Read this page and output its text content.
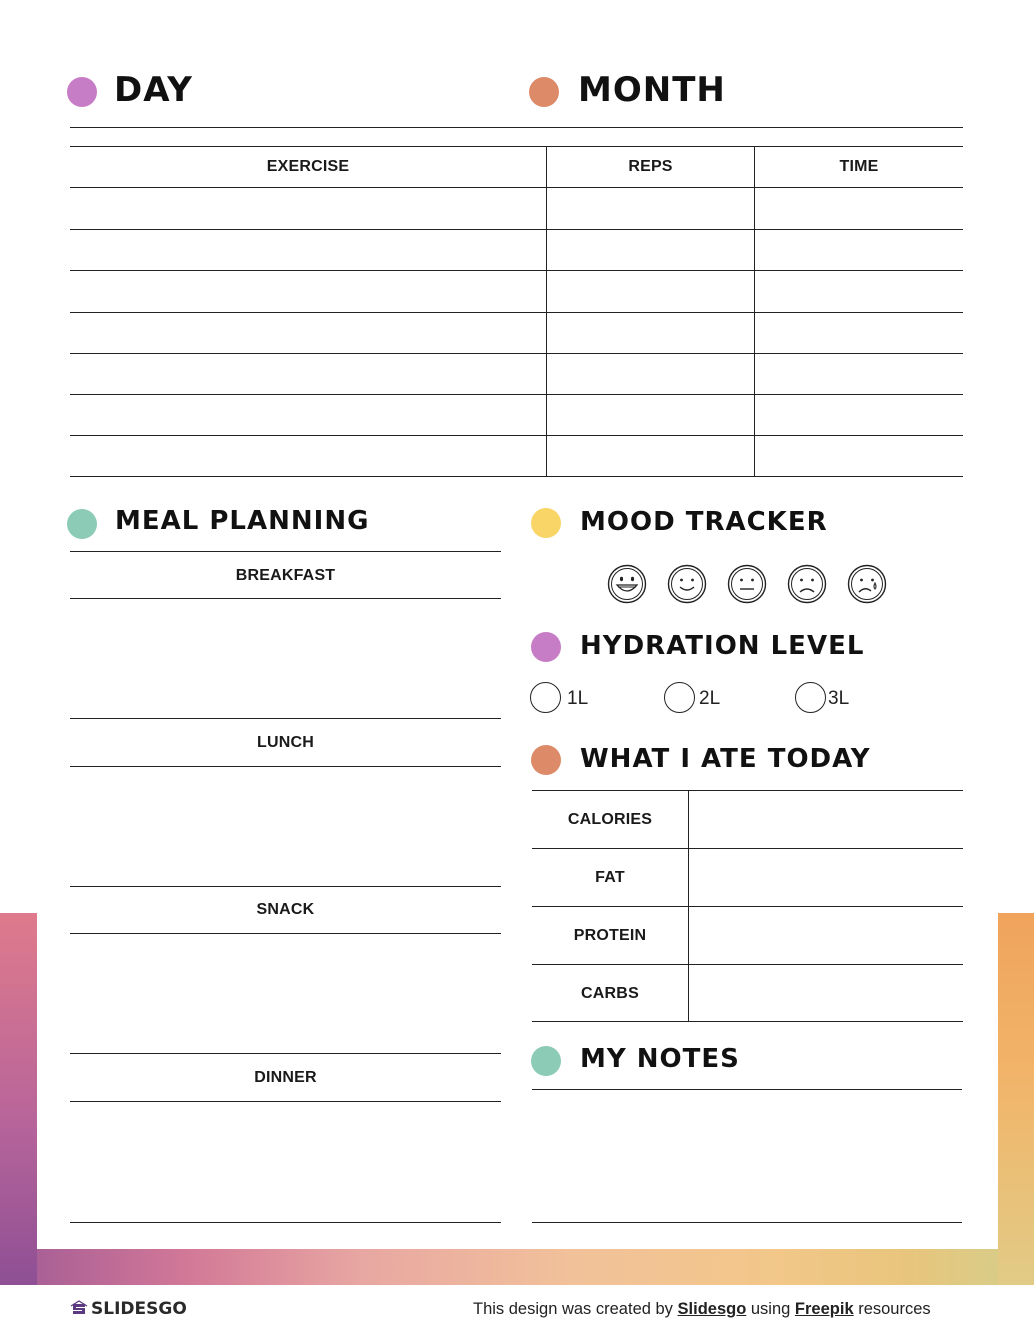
DAY	MONTH
EXERCISE	REPS	TIME
MEAL PLANNING
BREAKFAST
LUNCH
SNACK
DINNER
MOOD TRACKER
HYDRATION LEVEL
1L	2L	3L
WHAT I ATE TODAY
CALORIES
FAT
PROTEIN
CARBS
MY NOTES
SLIDESGO	This design was created by Slidesgo using Freepik resources
